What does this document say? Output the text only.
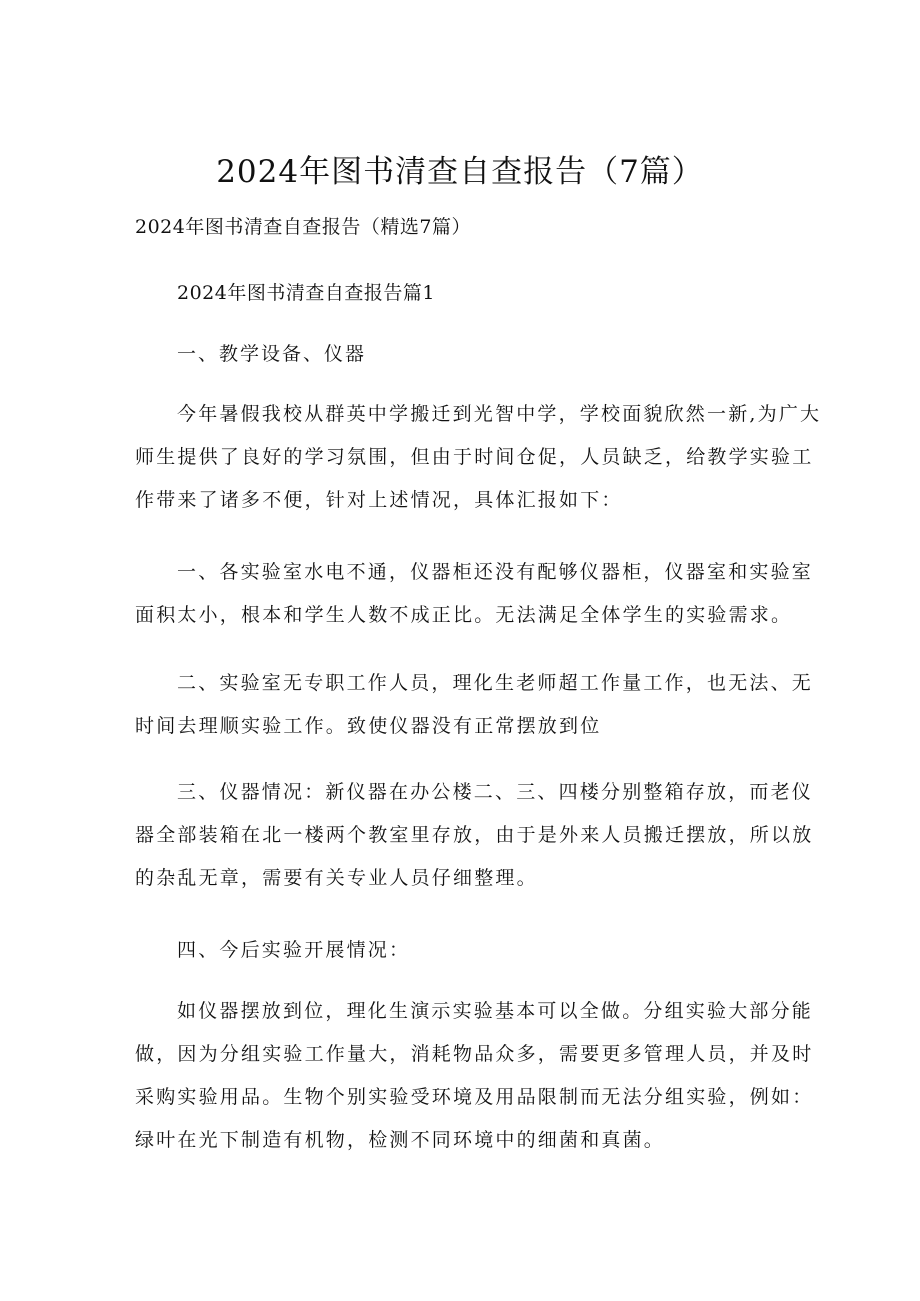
2024年图书清查自查报告（7篇）
2024年图书清查自查报告（精选7篇）
2024年图书清查自查报告篇1
一、教学设备、仪器
今年暑假我校从群英中学搬迁到光智中学，学校面貌欣然一新,为广大
师生提供了良好的学习氛围，但由于时间仓促，人员缺乏，给教学实验工
作带来了诸多不便，针对上述情况，具体汇报如下：
一、各实验室水电不通，仪器柜还没有配够仪器柜，仪器室和实验室
面积太小，根本和学生人数不成正比。无法满足全体学生的实验需求。
二、实验室无专职工作人员，理化生老师超工作量工作，也无法、无
时间去理顺实验工作。致使仪器没有正常摆放到位
三、仪器情况：新仪器在办公楼二、三、四楼分别整箱存放，而老仪
器全部装箱在北一楼两个教室里存放，由于是外来人员搬迁摆放，所以放
的杂乱无章，需要有关专业人员仔细整理。
四、今后实验开展情况：
如仪器摆放到位，理化生演示实验基本可以全做。分组实验大部分能
做，因为分组实验工作量大，消耗物品众多，需要更多管理人员，并及时
采购实验用品。生物个别实验受环境及用品限制而无法分组实验，例如：
绿叶在光下制造有机物，检测不同环境中的细菌和真菌。
